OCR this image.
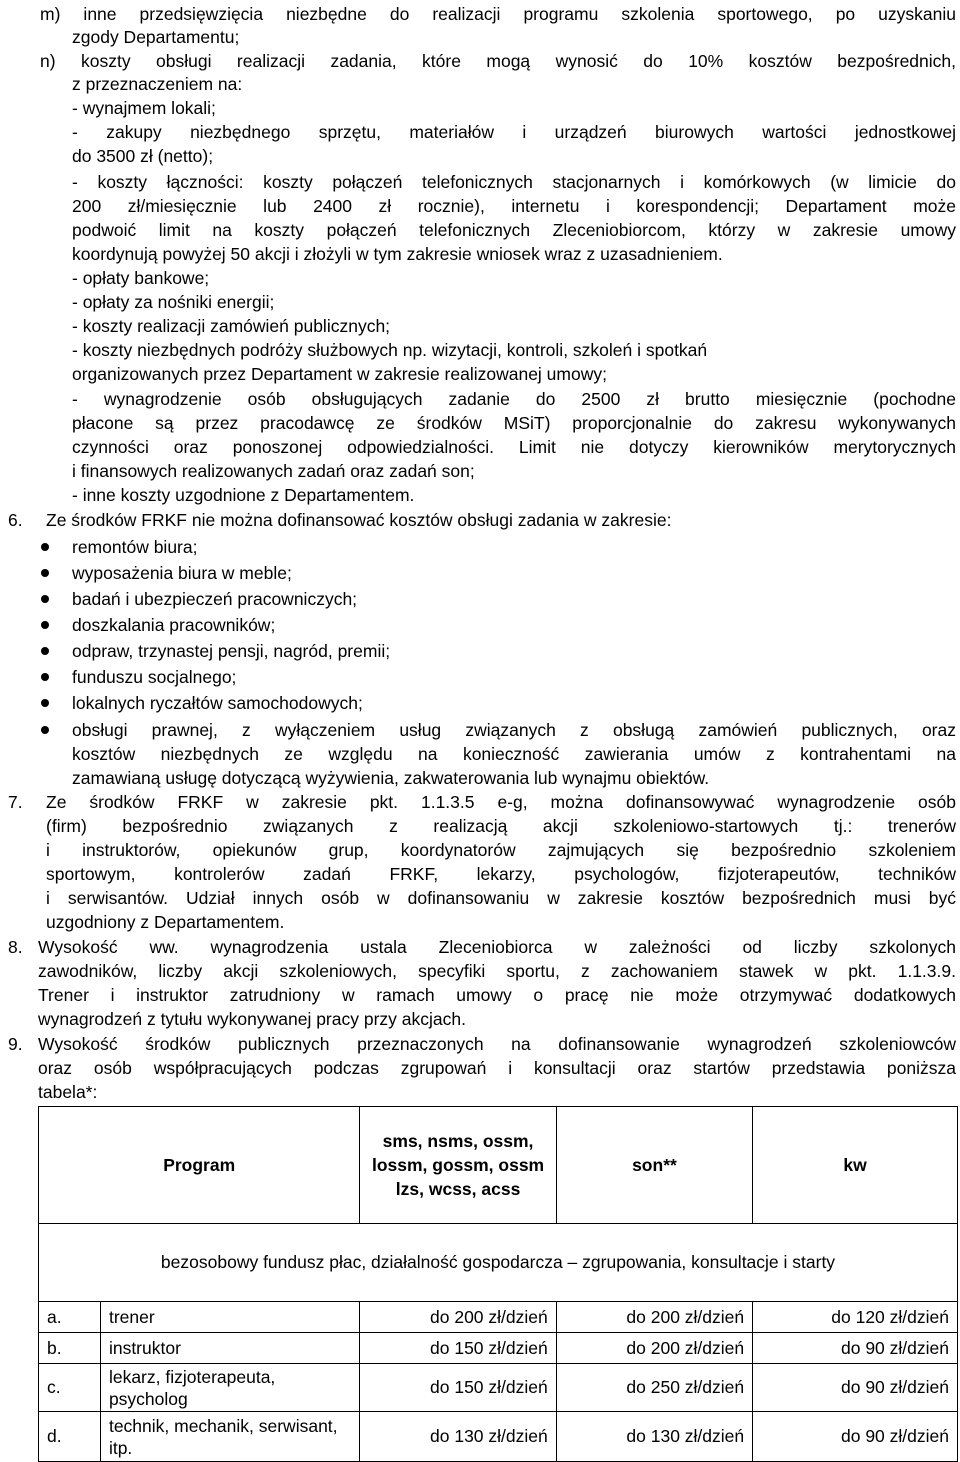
m) inne przedsięwzięcia niezbędne do realizacji programu szkolenia sportowego, po uzyskaniu
zgody Departamentu;
n) koszty obsługi realizacji zadania, które mogą wynosić do 10% kosztów bezpośrednich,
z przeznaczeniem na:
- wynajmem lokali;
- zakupy niezbędnego sprzętu, materiałów i urządzeń biurowych wartości jednostkowej
do 3500 zł (netto);
- koszty łączności: koszty połączeń telefonicznych stacjonarnych i komórkowych (w limicie do
200 zł/miesięcznie lub 2400 zł rocznie), internetu i korespondencji; Departament może
podwoić limit na koszty połączeń telefonicznych Zleceniobiorcom, którzy w zakresie umowy
koordynują powyżej 50 akcji i złożyli w tym zakresie wniosek wraz z uzasadnieniem.
- opłaty bankowe;
- opłaty za nośniki energii;
- koszty realizacji zamówień publicznych;
- koszty niezbędnych podróży służbowych np. wizytacji, kontroli, szkoleń i spotkań
organizowanych przez Departament w zakresie realizowanej umowy;
- wynagrodzenie osób obsługujących zadanie do 2500 zł brutto miesięcznie (pochodne
płacone są przez pracodawcę ze środków MSiT) proporcjonalnie do zakresu wykonywanych
czynności oraz ponoszonej odpowiedzialności. Limit nie dotyczy kierowników merytorycznych
i finansowych realizowanych zadań oraz zadań son;
- inne koszty uzgodnione z Departamentem.
6. Ze środków FRKF nie można dofinansować kosztów obsługi zadania w zakresie:
remontów biura;
wyposażenia biura w meble;
badań i ubezpieczeń pracowniczych;
doszkalania pracowników;
odpraw, trzynastej pensji, nagród, premii;
funduszu socjalnego;
lokalnych ryczałtów samochodowych;
obsługi prawnej, z wyłączeniem usług związanych z obsługą zamówień publicznych, oraz
kosztów niezbędnych ze względu na konieczność zawierania umów z kontrahentami na
zamawianą usługę dotyczącą wyżywienia, zakwaterowania lub wynajmu obiektów.
7. Ze środków FRKF w zakresie pkt. 1.1.3.5 e-g, można dofinansowywać wynagrodzenie osób
(firm) bezpośrednio związanych z realizacją akcji szkoleniowo-startowych tj.: trenerów
i instruktorów, opiekunów grup, koordynatorów zajmujących się bezpośrednio szkoleniem
sportowym, kontrolerów zadań FRKF, lekarzy, psychologów, fizjoterapeutów, techników
i serwisantów. Udział innych osób w dofinansowaniu w zakresie kosztów bezpośrednich musi być
uzgodniony z Departamentem.
8. Wysokość ww. wynagrodzenia ustala Zleceniobiorca w zależności od liczby szkolonych
zawodników, liczby akcji szkoleniowych, specyfiki sportu, z zachowaniem stawek w pkt. 1.1.3.9.
Trener i instruktor zatrudniony w ramach umowy o pracę nie może otrzymywać dodatkowych
wynagrodzeń z tytułu wykonywanej pracy przy akcjach.
9. Wysokość środków publicznych przeznaczonych na dofinansowanie wynagrodzeń szkoleniowców
oraz osób współpracujących podczas zgrupowań i konsultacji oraz startów przedstawia poniższa
tabela*:
Program		sms, nsms, ossm, lossm, gossm, ossm lzs, wcss, acss	son**	kw
bezosobowy fundusz płac, działalność gospodarcza – zgrupowania, konsultacje i starty				
a.	trener	do 200 zł/dzień	do 200 zł/dzień	do 120 zł/dzień
b.	instruktor	do 150 zł/dzień	do 200 zł/dzień	do 90 zł/dzień
c.	lekarz, fizjoterapeuta, psycholog	do 150 zł/dzień	do 250 zł/dzień	do 90 zł/dzień
d.	technik, mechanik, serwisant, itp.	do 130 zł/dzień	do 130 zł/dzień	do 90 zł/dzień
